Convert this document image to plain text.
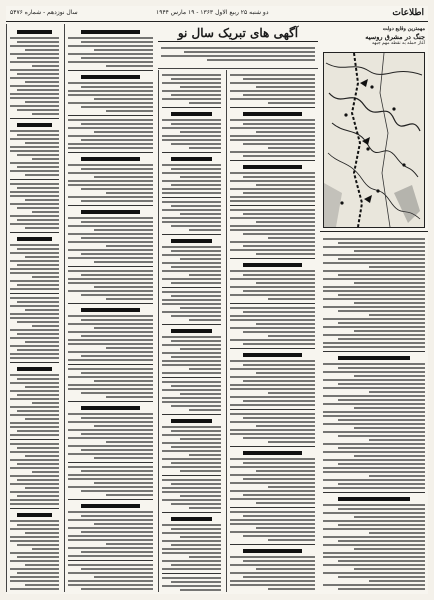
اطلاعات
دو شنبه ۲۵ ربیع الاول ۱۳۶۳ - ۱۹ مارس ۱۹۴۴
سال نوزدهم - شماره ۵۴۷۶
آگهی های تبریک سال نو	مهمترین وقایع دولت
جنگ در مشرق روسیه
آغاز حمله به نقطه مهم جبهه
